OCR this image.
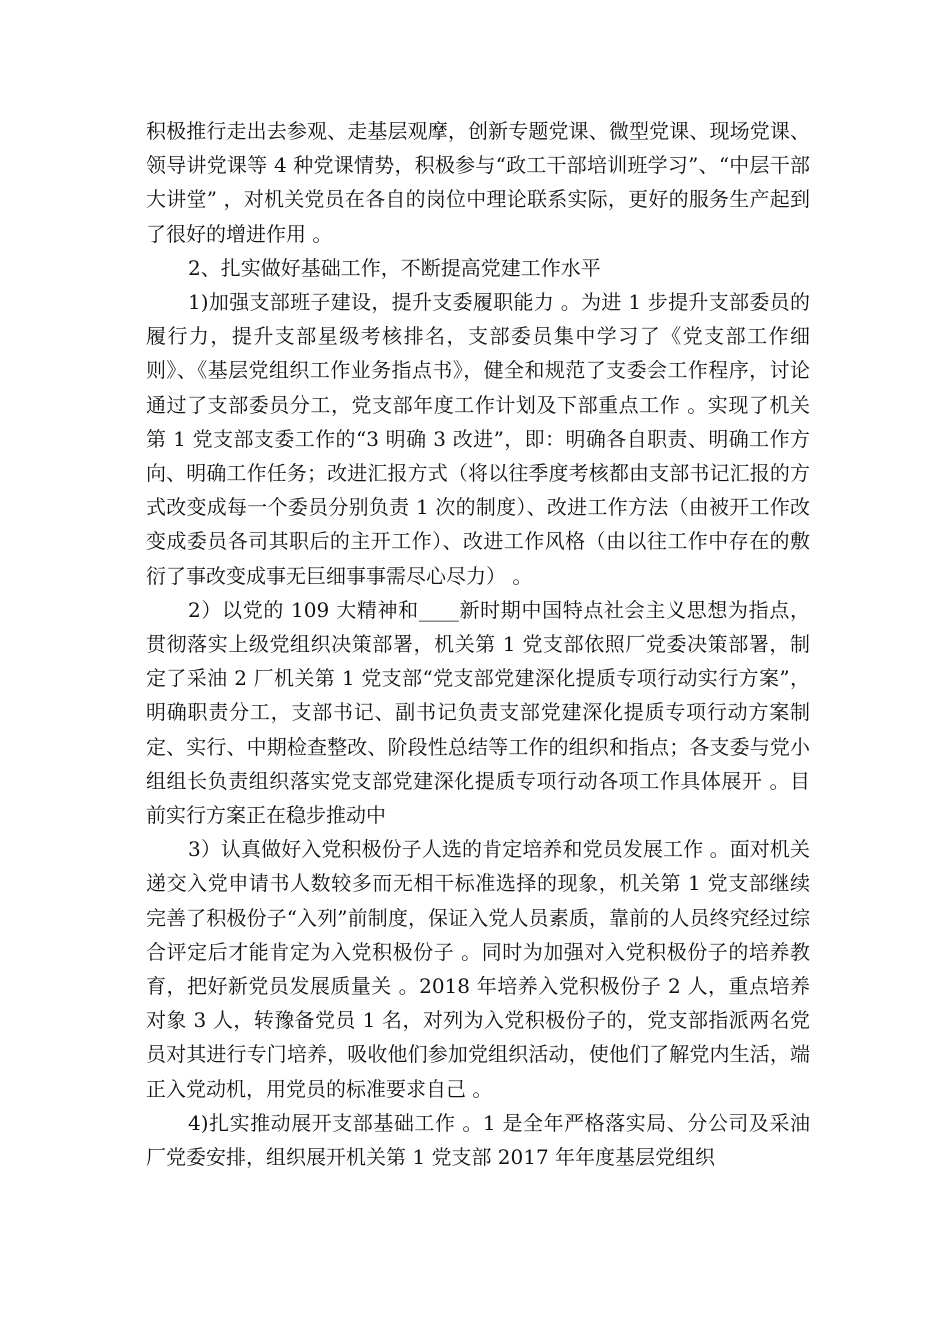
积极推行走出去参观、走基层观摩，创新专题党课、微型党课、现场党课、领导讲党课等 4 种党课情势，积极参与“政工干部培训班学习”、“中层干部大讲堂” ，对机关党员在各自的岗位中理论联系实际，更好的服务生产起到了很好的增进作用 。

2、扎实做好基础工作，不断提高党建工作水平

1)加强支部班子建设，提升支委履职能力 。为进 1 步提升支部委员的履行力，提升支部星级考核排名，支部委员集中学习了《党支部工作细则》、《基层党组织工作业务指点书》，健全和规范了支委会工作程序，讨论通过了支部委员分工，党支部年度工作计划及下部重点工作 。实现了机关第 1 党支部支委工作的“3 明确 3 改进”，即：明确各自职责、明确工作方向、明确工作任务；改进汇报方式（将以往季度考核都由支部书记汇报的方式改变成每一个委员分别负责 1 次的制度）、改进工作方法（由被开工作改变成委员各司其职后的主开工作）、改进工作风格（由以往工作中存在的敷衍了事改变成事无巨细事事需尽心尽力） 。

2）以党的 109 大精神和____新时期中国特点社会主义思想为指点，贯彻落实上级党组织决策部署，机关第 1 党支部依照厂党委决策部署，制定了采油 2 厂机关第 1 党支部“党支部党建深化提质专项行动实行方案”，明确职责分工，支部书记、副书记负责支部党建深化提质专项行动方案制定、实行、中期检查整改、阶段性总结等工作的组织和指点；各支委与党小组组长负责组织落实党支部党建深化提质专项行动各项工作具体展开 。目前实行方案正在稳步推动中

3）认真做好入党积极份子人选的肯定培养和党员发展工作 。面对机关递交入党申请书人数较多而无相干标准选择的现象，机关第 1 党支部继续完善了积极份子“入列”前制度，保证入党人员素质，靠前的人员终究经过综合评定后才能肯定为入党积极份子 。同时为加强对入党积极份子的培养教育，把好新党员发展质量关 。2018 年培养入党积极份子 2 人，重点培养对象 3 人，转豫备党员 1 名，对列为入党积极份子的，党支部指派两名党员对其进行专门培养，吸收他们参加党组织活动，使他们了解党内生活，端正入党动机，用党员的标准要求自己 。

4)扎实推动展开支部基础工作 。1 是全年严格落实局、分公司及采油厂党委安排，组织展开机关第 1 党支部 2017 年年度基层党组织
